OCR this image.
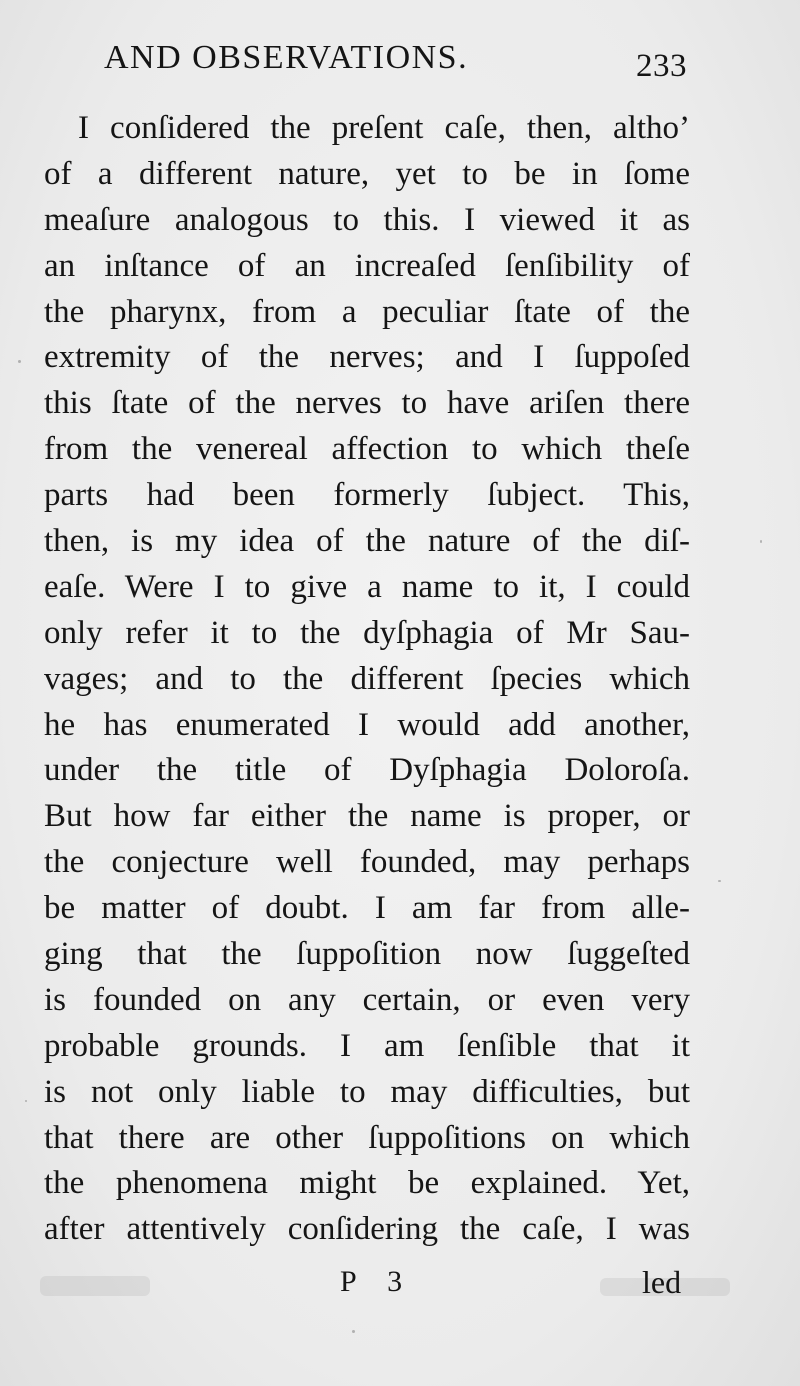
AND OBSERVATIONS.	233
I conſidered the preſent caſe, then, altho’
of a different nature, yet to be in ſome
meaſure analogous to this. I viewed it as
an inſtance of an increaſed ſenſibility of
the pharynx, from a peculiar ſtate of the
extremity of the nerves; and I ſuppoſed
this ſtate of the nerves to have ariſen there
from the venereal affection to which theſe
parts had been formerly ſubject. This,
then, is my idea of the nature of the diſ-
eaſe. Were I to give a name to it, I could
only refer it to the dyſphagia of Mr Sau-
vages; and to the different ſpecies which
he has enumerated I would add another,
under the title of Dyſphagia Doloroſa.
But how far either the name is proper, or
the conjecture well founded, may perhaps
be matter of doubt. I am far from alle-
ging that the ſuppoſition now ſuggeſted
is founded on any certain, or even very
probable grounds. I am ſenſible that it
is not only liable to may difficulties, but
that there are other ſuppoſitions on which
the phenomena might be explained. Yet,
after attentively conſidering the caſe, I was
P 3	led
